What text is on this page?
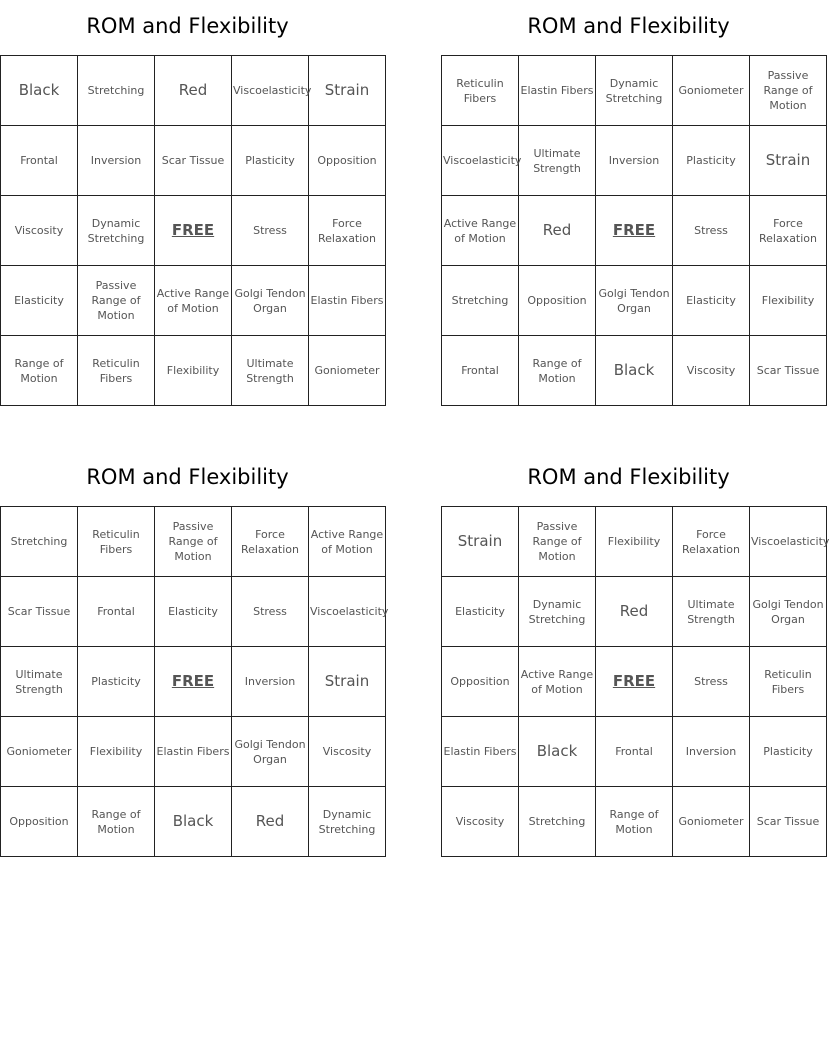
ROM and Flexibility
Black	Stretching	Red	Viscoelasticity	Strain
Frontal	Inversion	Scar Tissue	Plasticity	Opposition
Viscosity	Dynamic Stretching	FREE	Stress	Force Relaxation
Elasticity	Passive Range of Motion	Active Range of Motion	Golgi Tendon Organ	Elastin Fibers
Range of Motion	Reticulin Fibers	Flexibility	Ultimate Strength	Goniometer
ROM and Flexibility
Reticulin Fibers	Elastin Fibers	Dynamic Stretching	Goniometer	Passive Range of Motion
Viscoelasticity	Ultimate Strength	Inversion	Plasticity	Strain
Active Range of Motion	Red	FREE	Stress	Force Relaxation
Stretching	Opposition	Golgi Tendon Organ	Elasticity	Flexibility
Frontal	Range of Motion	Black	Viscosity	Scar Tissue
ROM and Flexibility
Stretching	Reticulin Fibers	Passive Range of Motion	Force Relaxation	Active Range of Motion
Scar Tissue	Frontal	Elasticity	Stress	Viscoelasticity
Ultimate Strength	Plasticity	FREE	Inversion	Strain
Goniometer	Flexibility	Elastin Fibers	Golgi Tendon Organ	Viscosity
Opposition	Range of Motion	Black	Red	Dynamic Stretching
ROM and Flexibility
Strain	Passive Range of Motion	Flexibility	Force Relaxation	Viscoelasticity
Elasticity	Dynamic Stretching	Red	Ultimate Strength	Golgi Tendon Organ
Opposition	Active Range of Motion	FREE	Stress	Reticulin Fibers
Elastin Fibers	Black	Frontal	Inversion	Plasticity
Viscosity	Stretching	Range of Motion	Goniometer	Scar Tissue
